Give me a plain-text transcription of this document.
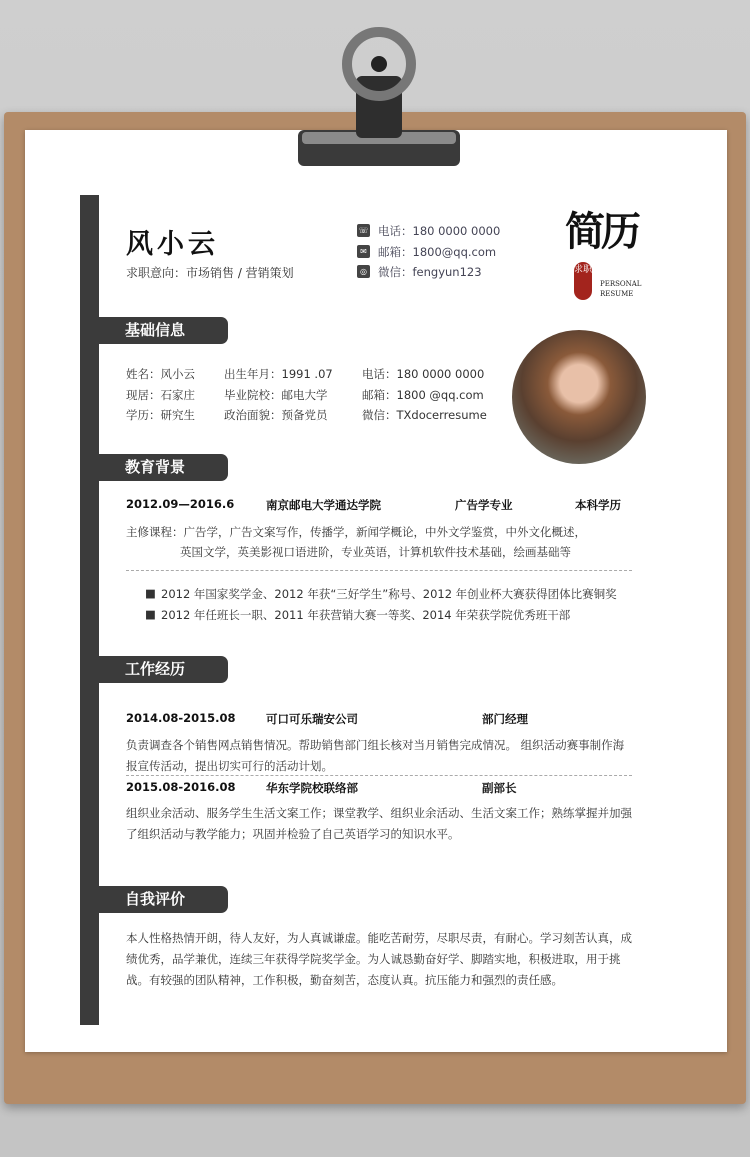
风小云
求职意向：市场销售 / 营销策划
☏ 电话：180 0000 0000
✉ 邮箱：1800@qq.com
◎ 微信：fengyun123
简历
求职
PERSONAL
RESUME
基础信息
姓名：风小云	出生年月：1991 .07	电话：180 0000 0000
现居：石家庄	毕业院校：邮电大学	邮箱：1800 @qq.com
学历：研究生	政治面貌：预备党员	微信：TXdocerresume
教育背景
2012.09—2016.6	南京邮电大学通达学院	广告学专业	本科学历
主修课程：广告学，广告文案写作，传播学，新闻学概论，中外文学鉴赏，中外文化概述，
英国文学，英美影视口语进阶，专业英语，计算机软件技术基础，绘画基础等
■ 2012 年国家奖学金、2012 年获“三好学生”称号、2012 年创业杯大赛获得团体比赛铜奖
■ 2012 年任班长一职、2011 年获营销大赛一等奖、2014 年荣获学院优秀班干部
工作经历
2014.08-2015.08	可口可乐瑞安公司	部门经理
负责调查各个销售网点销售情况。帮助销售部门组长核对当月销售完成情况。 组织活动赛事制作海报宣传活动，提出切实可行的活动计划。
2015.08-2016.08	华东学院校联络部	副部长
组织业余活动、服务学生生活文案工作；课堂教学、组织业余活动、生活文案工作；熟练掌握并加强了组织活动与教学能力；巩固并检验了自己英语学习的知识水平。
自我评价
本人性格热情开朗，待人友好，为人真诚谦虚。能吃苦耐劳，尽职尽责，有耐心。学习刻苦认真，成绩优秀，品学兼优，连续三年获得学院奖学金。为人诚恳勤奋好学、脚踏实地，积极进取，用于挑战。有较强的团队精神，工作积极，勤奋刻苦，态度认真。抗压能力和强烈的责任感。
